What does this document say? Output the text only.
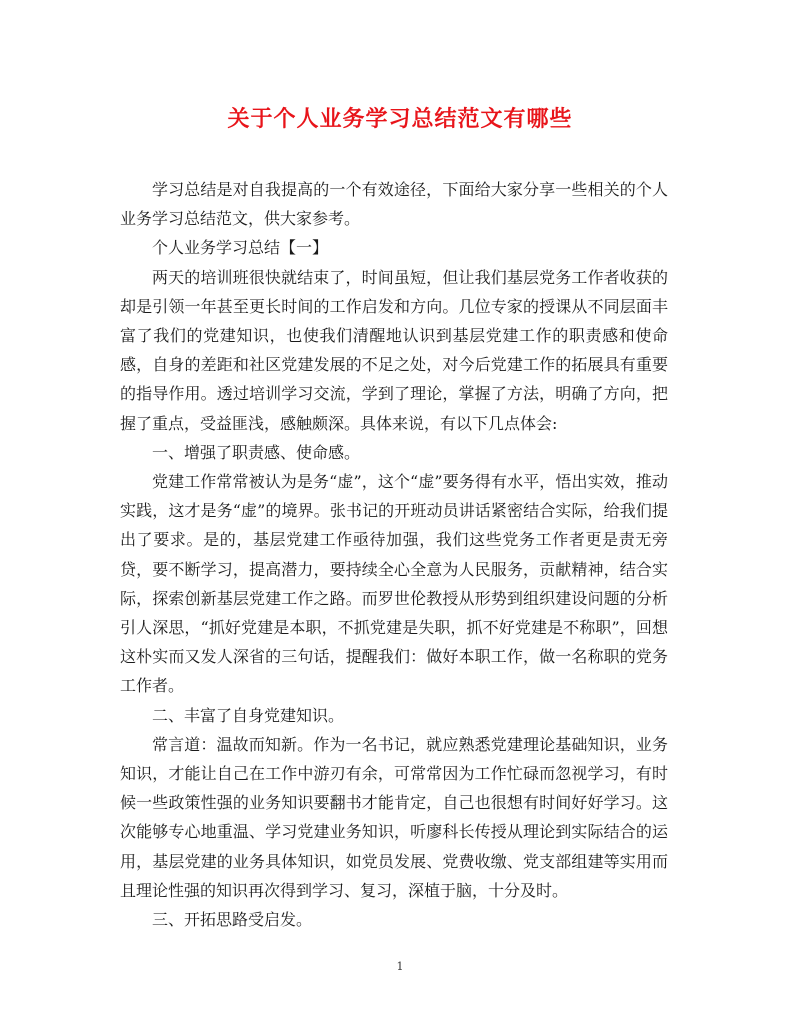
关于个人业务学习总结范文有哪些

学习总结是对自我提高的一个有效途径，下面给大家分享一些相关的个人业务学习总结范文，供大家参考。

个人业务学习总结【一】

两天的培训班很快就结束了，时间虽短，但让我们基层党务工作者收获的却是引领一年甚至更长时间的工作启发和方向。几位专家的授课从不同层面丰富了我们的党建知识，也使我们清醒地认识到基层党建工作的职责感和使命感，自身的差距和社区党建发展的不足之处，对今后党建工作的拓展具有重要的指导作用。透过培训学习交流，学到了理论，掌握了方法，明确了方向，把握了重点，受益匪浅，感触颇深。具体来说，有以下几点体会:

一、增强了职责感、使命感。

党建工作常常被认为是务“虚”，这个“虚”要务得有水平，悟出实效，推动实践，这才是务“虚”的境界。张书记的开班动员讲话紧密结合实际，给我们提出了要求。是的，基层党建工作亟待加强，我们这些党务工作者更是责无旁贷，要不断学习，提高潜力，要持续全心全意为人民服务，贡献精神，结合实际，探索创新基层党建工作之路。而罗世伦教授从形势到组织建设问题的分析引人深思，“抓好党建是本职，不抓党建是失职，抓不好党建是不称职”，回想这朴实而又发人深省的三句话，提醒我们：做好本职工作，做一名称职的党务工作者。

二、丰富了自身党建知识。

常言道：温故而知新。作为一名书记，就应熟悉党建理论基础知识，业务知识，才能让自己在工作中游刃有余，可常常因为工作忙碌而忽视学习，有时候一些政策性强的业务知识要翻书才能肯定，自己也很想有时间好好学习。这次能够专心地重温、学习党建业务知识，听廖科长传授从理论到实际结合的运用，基层党建的业务具体知识，如党员发展、党费收缴、党支部组建等实用而且理论性强的知识再次得到学习、复习，深植于脑，十分及时。

三、开拓思路受启发。

1
